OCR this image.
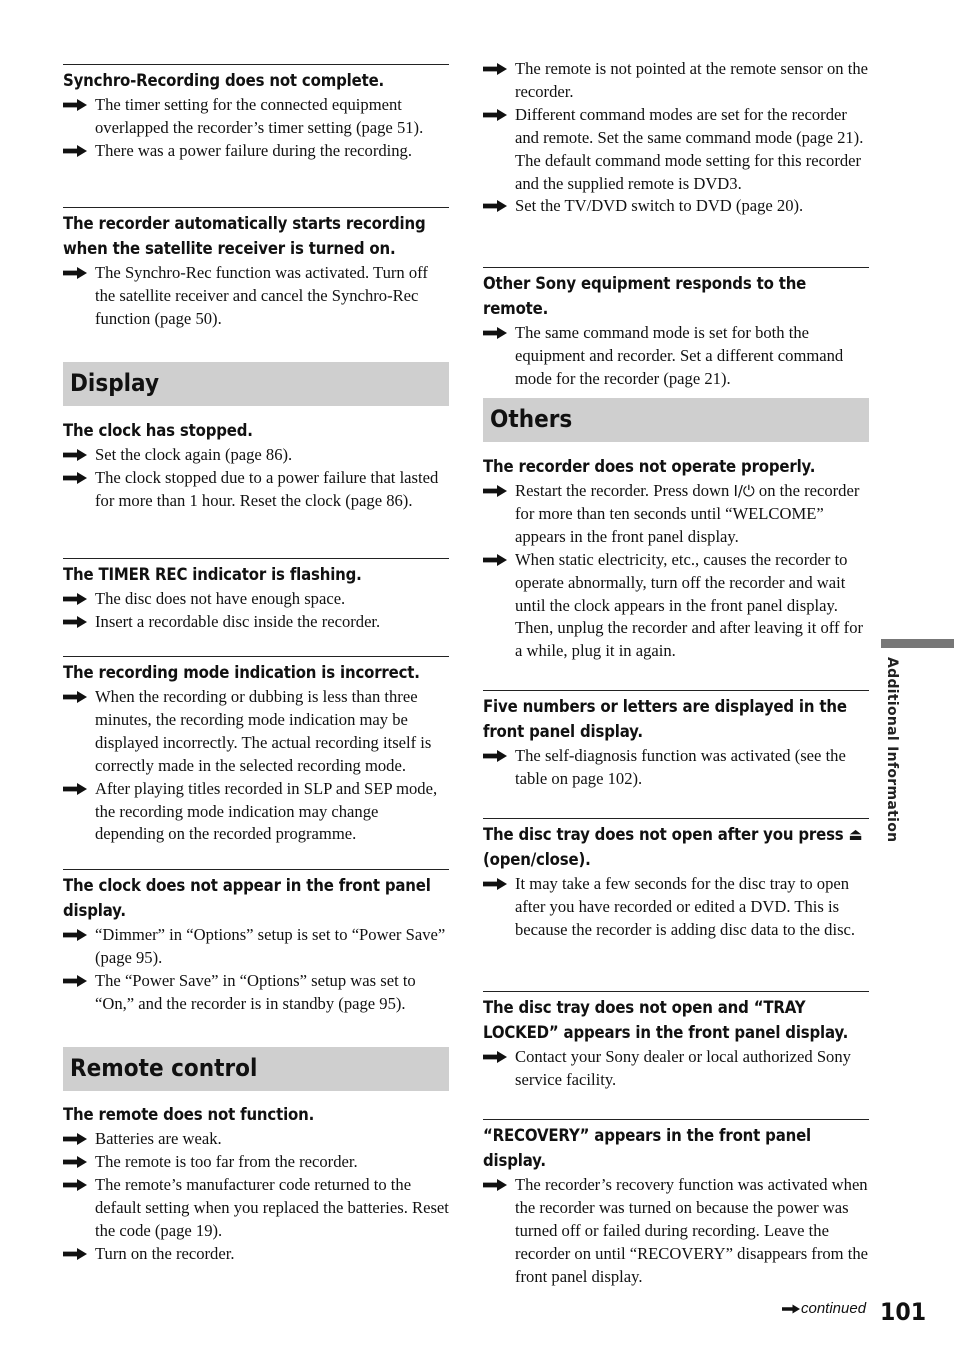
Synchro-Recording does not complete.
The timer setting for the connected equipment overlapped the recorder’s timer setting (page 51).
There was a power failure during the recording.
The recorder automatically starts recording when the satellite receiver is turned on.
The Synchro-Rec function was activated. Turn off the satellite receiver and cancel the Synchro-Rec function (page 50).
Display
The clock has stopped.
Set the clock again (page 86).
The clock stopped due to a power failure that lasted for more than 1 hour. Reset the clock (page 86).
The TIMER REC indicator is flashing.
The disc does not have enough space.
Insert a recordable disc inside the recorder.
The recording mode indication is incorrect.
When the recording or dubbing is less than three minutes, the recording mode indication may be displayed incorrectly. The actual recording itself is correctly made in the selected recording mode.
After playing titles recorded in SLP and SEP mode, the recording mode indication may change depending on the recorded programme.
The clock does not appear in the front panel display.
“Dimmer” in “Options” setup is set to “Power Save” (page 95).
The “Power Save” in “Options” setup was set to “On,” and the recorder is in standby (page 95).
Remote control
The remote does not function.
Batteries are weak.
The remote is too far from the recorder.
The remote’s manufacturer code returned to the default setting when you replaced the batteries. Reset the code (page 19).
Turn on the recorder.
The remote is not pointed at the remote sensor on the recorder.
Different command modes are set for the recorder and remote. Set the same command mode (page 21). The default command mode setting for this recorder and the supplied remote is DVD3.
Set the TV/DVD switch to DVD (page 20).
Other Sony equipment responds to the remote.
The same command mode is set for both the equipment and recorder. Set a different command mode for the recorder (page 21).
Others
The recorder does not operate properly.
Restart the recorder. Press down I/⏻ on the recorder for more than ten seconds until “WELCOME” appears in the front panel display.
When static electricity, etc., causes the recorder to operate abnormally, turn off the recorder and wait until the clock appears in the front panel display. Then, unplug the recorder and after leaving it off for a while, plug it in again.
Five numbers or letters are displayed in the front panel display.
The self-diagnosis function was activated (see the table on page 102).
The disc tray does not open after you press ⏏ (open/close).
It may take a few seconds for the disc tray to open after you have recorded or edited a DVD. This is because the recorder is adding disc data to the disc.
The disc tray does not open and “TRAY LOCKED” appears in the front panel display.
Contact your Sony dealer or local authorized Sony service facility.
“RECOVERY” appears in the front panel display.
The recorder’s recovery function was activated when the recorder was turned on because the power was turned off or failed during recording. Leave the recorder on until “RECOVERY” disappears from the front panel display.
Additional Information
continued 101
